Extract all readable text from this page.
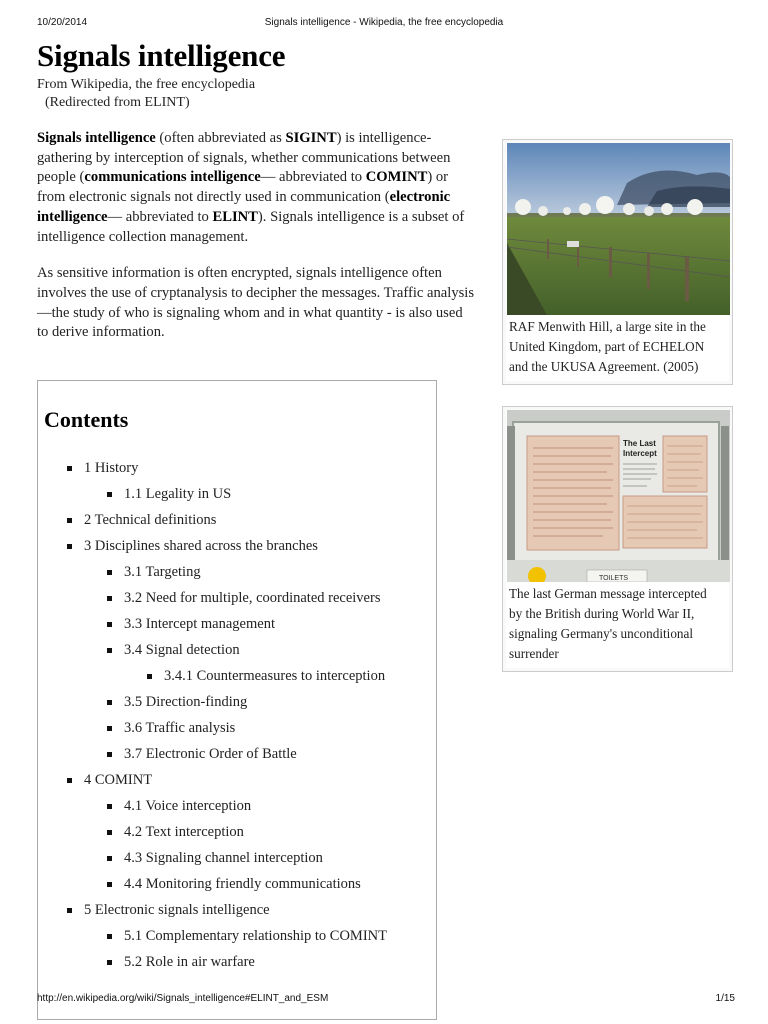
10/20/2014	Signals intelligence - Wikipedia, the free encyclopedia
Signals intelligence
From Wikipedia, the free encyclopedia
(Redirected from ELINT)

Signals intelligence (often abbreviated as SIGINT) is intelligence-gathering by interception of signals, whether communications between people (communications intelligence— abbreviated to COMINT) or from electronic signals not directly used in communication (electronic intelligence— abbreviated to ELINT). Signals intelligence is a subset of intelligence collection management.

As sensitive information is often encrypted, signals intelligence often involves the use of cryptanalysis to decipher the messages. Traffic analysis—the study of who is signaling whom and in what quantity - is also used to derive information.

Contents
1 History
1.1 Legality in US
2 Technical definitions
3 Disciplines shared across the branches
3.1 Targeting
3.2 Need for multiple, coordinated receivers
3.3 Intercept management
3.4 Signal detection
3.4.1 Countermeasures to interception
3.5 Direction-finding
3.6 Traffic analysis
3.7 Electronic Order of Battle
4 COMINT
4.1 Voice interception
4.2 Text interception
4.3 Signaling channel interception
4.4 Monitoring friendly communications
5 Electronic signals intelligence
5.1 Complementary relationship to COMINT
5.2 Role in air warfare
RAF Menwith Hill, a large site in the
United Kingdom, part of ECHELON
and the UKUSA Agreement. (2005)
The Last
Intercept
TOILETS
The last German message intercepted
by the British during World War II,
signaling Germany's unconditional
surrender
http://en.wikipedia.org/wiki/Signals_intelligence#ELINT_and_ESM	1/15
